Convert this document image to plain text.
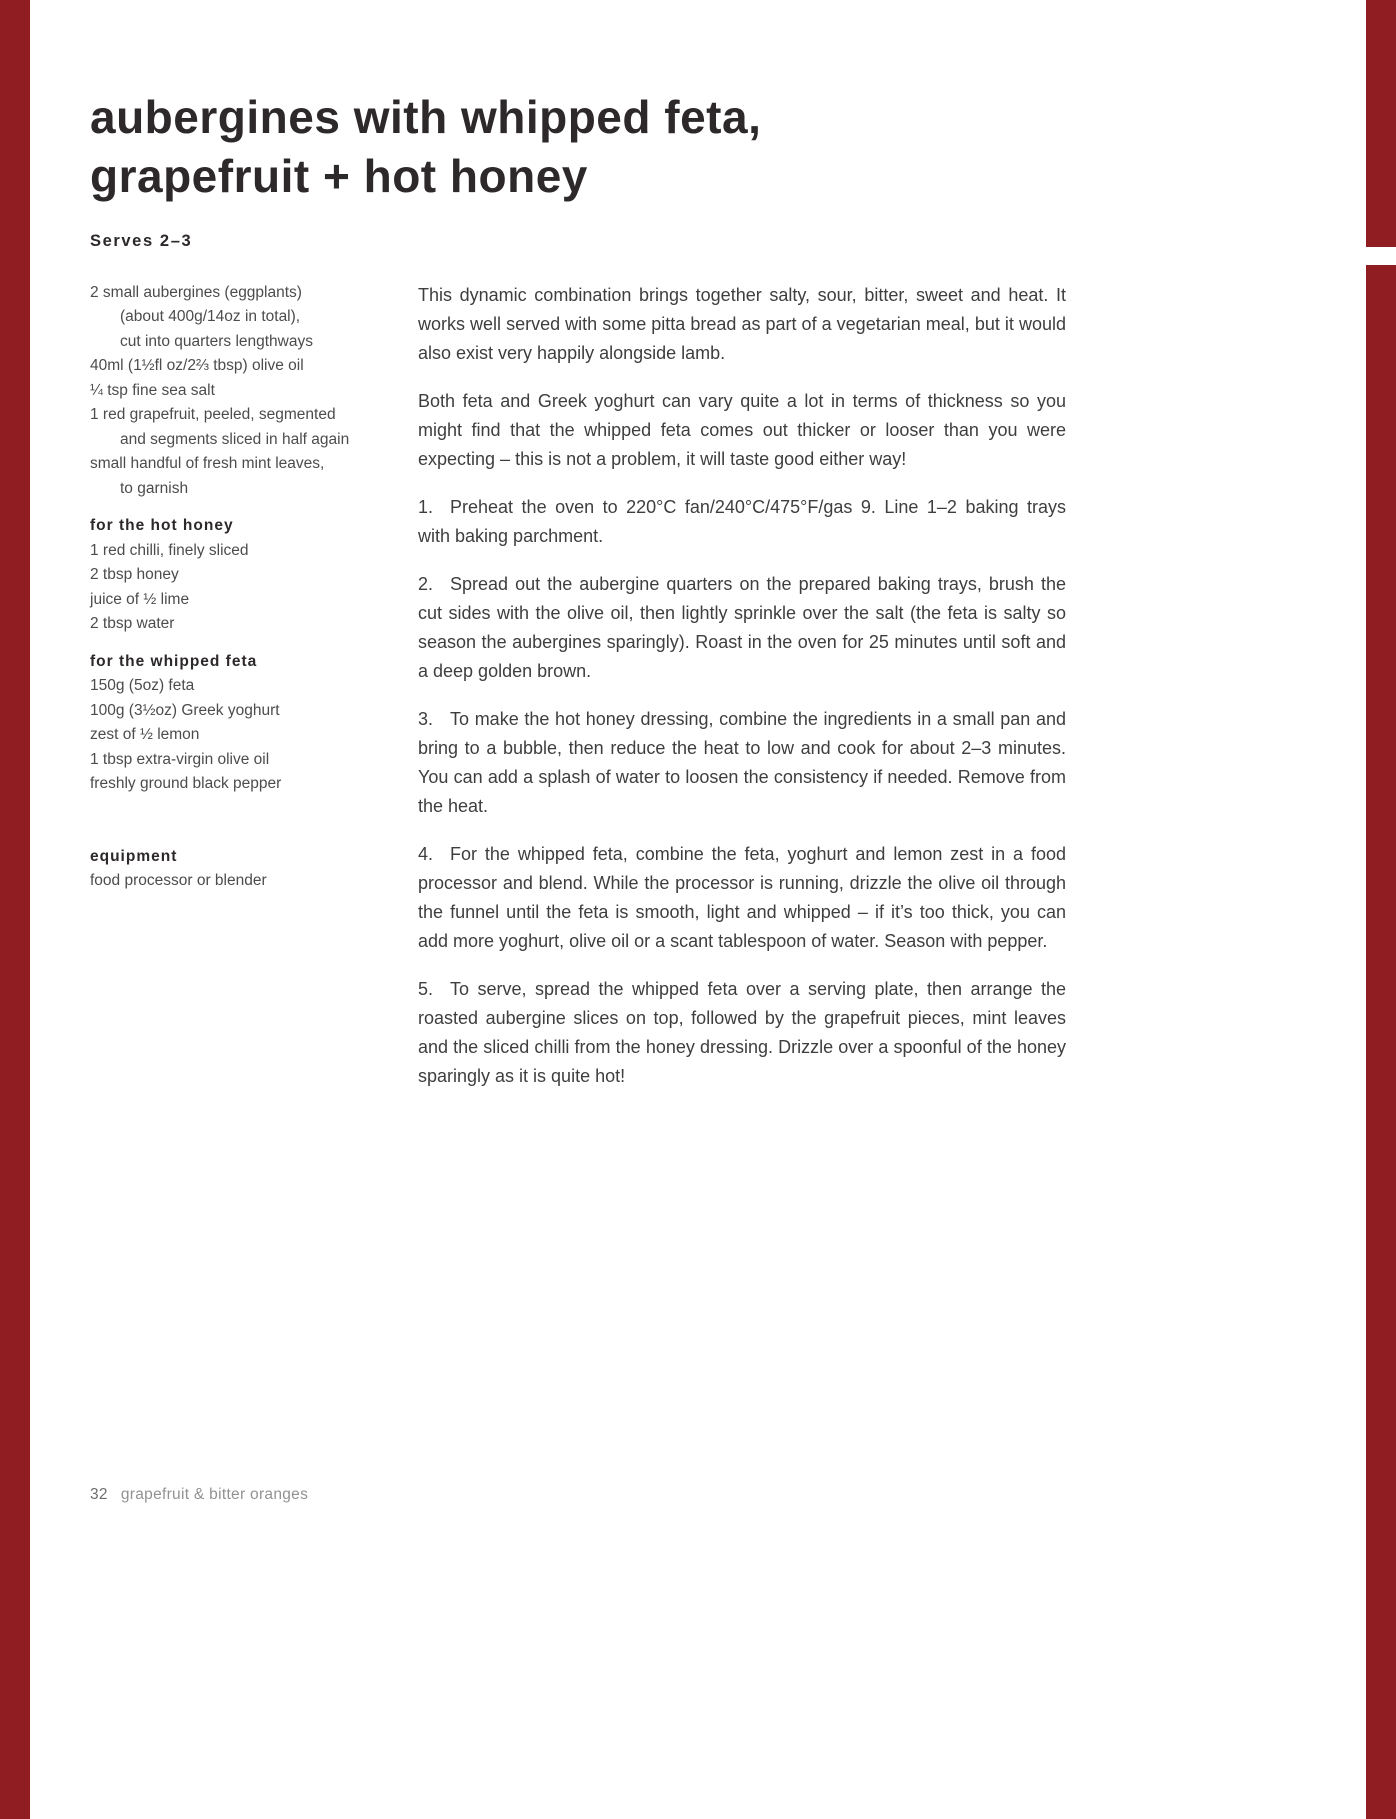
aubergines with whipped feta,
grapefruit + hot honey
Serves 2–3
2 small aubergines (eggplants)
(about 400g/14oz in total),
cut into quarters lengthways
40ml (1½fl oz/2⅔ tbsp) olive oil
¼ tsp fine sea salt
1 red grapefruit, peeled, segmented
and segments sliced in half again
small handful of fresh mint leaves,
to garnish
for the hot honey
1 red chilli, finely sliced
2 tbsp honey
juice of ½ lime
2 tbsp water
for the whipped feta
150g (5oz) feta
100g (3½oz) Greek yoghurt
zest of ½ lemon
1 tbsp extra-virgin olive oil
freshly ground black pepper
equipment
food processor or blender

This dynamic combination brings together salty, sour, bitter, sweet and heat. It works well served with some pitta bread as part of a vegetarian meal, but it would also exist very happily alongside lamb.

Both feta and Greek yoghurt can vary quite a lot in terms of thickness so you might find that the whipped feta comes out thicker or looser than you were expecting – this is not a problem, it will taste good either way!

1. Preheat the oven to 220°C fan/240°C/475°F/gas 9. Line 1–2 baking trays with baking parchment.

2. Spread out the aubergine quarters on the prepared baking trays, brush the cut sides with the olive oil, then lightly sprinkle over the salt (the feta is salty so season the aubergines sparingly). Roast in the oven for 25 minutes until soft and a deep golden brown.

3. To make the hot honey dressing, combine the ingredients in a small pan and bring to a bubble, then reduce the heat to low and cook for about 2–3 minutes. You can add a splash of water to loosen the consistency if needed. Remove from the heat.

4. For the whipped feta, combine the feta, yoghurt and lemon zest in a food processor and blend. While the processor is running, drizzle the olive oil through the funnel until the feta is smooth, light and whipped – if it’s too thick, you can add more yoghurt, olive oil or a scant tablespoon of water. Season with pepper.

5. To serve, spread the whipped feta over a serving plate, then arrange the roasted aubergine slices on top, followed by the grapefruit pieces, mint leaves and the sliced chilli from the honey dressing. Drizzle over a spoonful of the honey sparingly as it is quite hot!

32 grapefruit & bitter oranges
